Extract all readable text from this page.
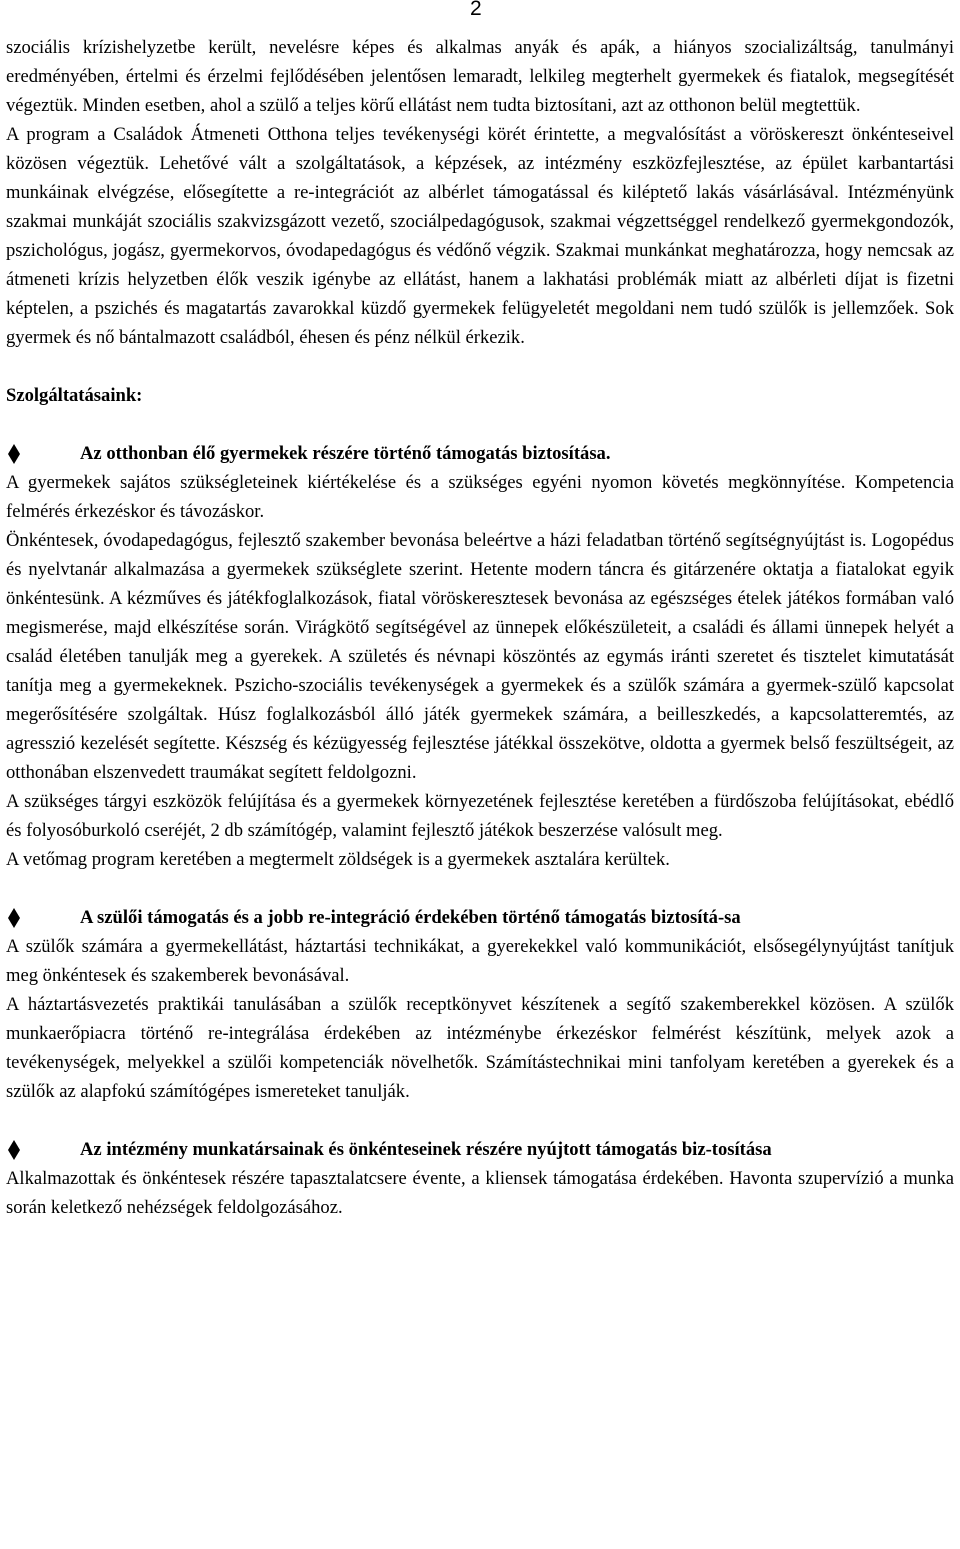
2

szociális krízishelyzetbe került, nevelésre képes és alkalmas anyák és apák, a hiányos szocializáltság, tanulmányi eredményében, értelmi és érzelmi fejlődésében jelentősen lemaradt, lelkileg megterhelt gyermekek és fiatalok, megsegítését végeztük. Minden esetben, ahol a szülő a teljes körű ellátást nem tudta biztosítani, azt az otthonon belül megtettük.

A program a Családok Átmeneti Otthona teljes tevékenységi körét érintette, a megvalósítást a vöröskereszt önkénteseivel közösen végeztük. Lehetővé vált a szolgáltatások, a képzések, az intézmény eszközfejlesztése, az épület karbantartási munkáinak elvégzése, elősegítette a re-integrációt az albérlet támogatással és kiléptető lakás vásárlásával. Intézményünk szakmai munkáját szociális szakvizsgázott vezető, szociálpedagógusok, szakmai végzettséggel rendelkező gyermekgondozók, pszichológus, jogász, gyermekorvos, óvodapedagógus és védőnő végzik. Szakmai munkánkat meghatározza, hogy nemcsak az átmeneti krízis helyzetben élők veszik igénybe az ellátást, hanem a lakhatási problémák miatt az albérleti díjat is fizetni képtelen, a pszichés és magatartás zavarokkal küzdő gyermekek felügyeletét megoldani nem tudó szülők is jellemzőek. Sok gyermek és nő bántalmazott családból, éhesen és pénz nélkül érkezik.

Szolgáltatásaink:

Az otthonban élő gyermekek részére történő támogatás biztosítása.

A gyermekek sajátos szükségleteinek kiértékelése és a szükséges egyéni nyomon követés megkönnyítése. Kompetencia felmérés érkezéskor és távozáskor.

Önkéntesek, óvodapedagógus, fejlesztő szakember bevonása beleértve a házi feladatban történő segítségnyújtást is. Logopédus és nyelvtanár alkalmazása a gyermekek szükséglete szerint. Hetente modern táncra és gitárzenére oktatja a fiatalokat egyik önkéntesünk. A kézműves és játékfoglalkozások, fiatal vöröskeresztesek bevonása az egészséges ételek játékos formában való megismerése, majd elkészítése során. Virágkötő segítségével az ünnepek előkészületeit, a családi és állami ünnepek helyét a család életében tanulják meg a gyerekek. A születés és névnapi köszöntés az egymás iránti szeretet és tisztelet kimutatását tanítja meg a gyermekeknek. Pszicho-szociális tevékenységek a gyermekek és a szülők számára a gyermek-szülő kapcsolat megerősítésére szolgáltak. Húsz foglalkozásból álló játék gyermekek számára, a beilleszkedés, a kapcsolatteremtés, az agresszió kezelését segítette. Készség és kézügyesség fejlesztése játékkal összekötve, oldotta a gyermek belső feszültségeit, az otthonában elszenvedett traumákat segített feldolgozni.

A szükséges tárgyi eszközök felújítása és a gyermekek környezetének fejlesztése keretében a fürdőszoba felújításokat, ebédlő és folyosóburkoló cseréjét, 2 db számítógép, valamint fejlesztő játékok beszerzése valósult meg.

A vetőmag program keretében a megtermelt zöldségek is a gyermekek asztalára kerültek.

A szülői támogatás és a jobb re-integráció érdekében történő támogatás biztosítá-sa

A szülők számára a gyermekellátást, háztartási technikákat, a gyerekekkel való kommunikációt, elsősegélynyújtást tanítjuk meg önkéntesek és szakemberek bevonásával.

A háztartásvezetés praktikái tanulásában a szülők receptkönyvet készítenek a segítő szakemberekkel közösen. A szülők munkaerőpiacra történő re-integrálása érdekében az intézménybe érkezéskor felmérést készítünk, melyek azok a tevékenységek, melyekkel a szülői kompetenciák növelhetők. Számítástechnikai mini tanfolyam keretében a gyerekek és a szülők az alapfokú számítógépes ismereteket tanulják.

Az intézmény munkatársainak és önkénteseinek részére nyújtott támogatás biz-tosítása

Alkalmazottak és önkéntesek részére tapasztalatcsere évente, a kliensek támogatása érdekében. Havonta szupervízió a munka során keletkező nehézségek feldolgozásához.
